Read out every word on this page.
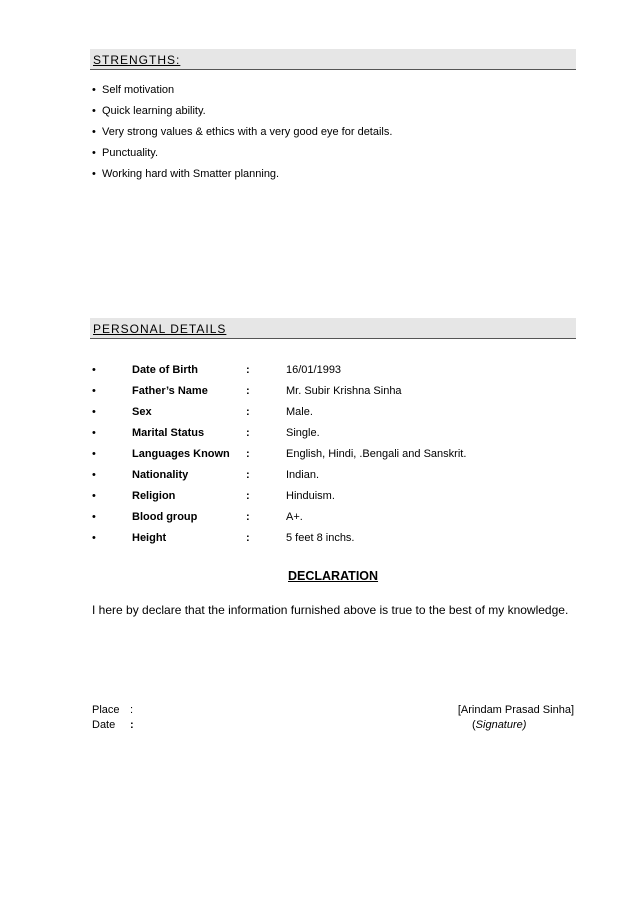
STRENGTHS:
• Self motivation
• Quick learning ability.
• Very strong values & ethics with a very good eye for details.
• Punctuality.
• Working hard with Smatter planning.
PERSONAL DETAILS
•	Date of Birth	:	16/01/1993
•	Father’s Name	:	Mr. Subir Krishna Sinha
•	Sex	:	Male.
•	Marital Status	:	Single.
•	Languages Known :	English, Hindi, .Bengali and Sanskrit.
•	Nationality	:	Indian.
•	Religion	:	Hinduism.
•	Blood group	:	A+.
•	Height	:	5 feet 8 inchs.
DECLARATION

I here by declare that the information furnished above is true to the best of my knowledge.

Place :
Date :
[Arindam Prasad Sinha]
(Signature)
